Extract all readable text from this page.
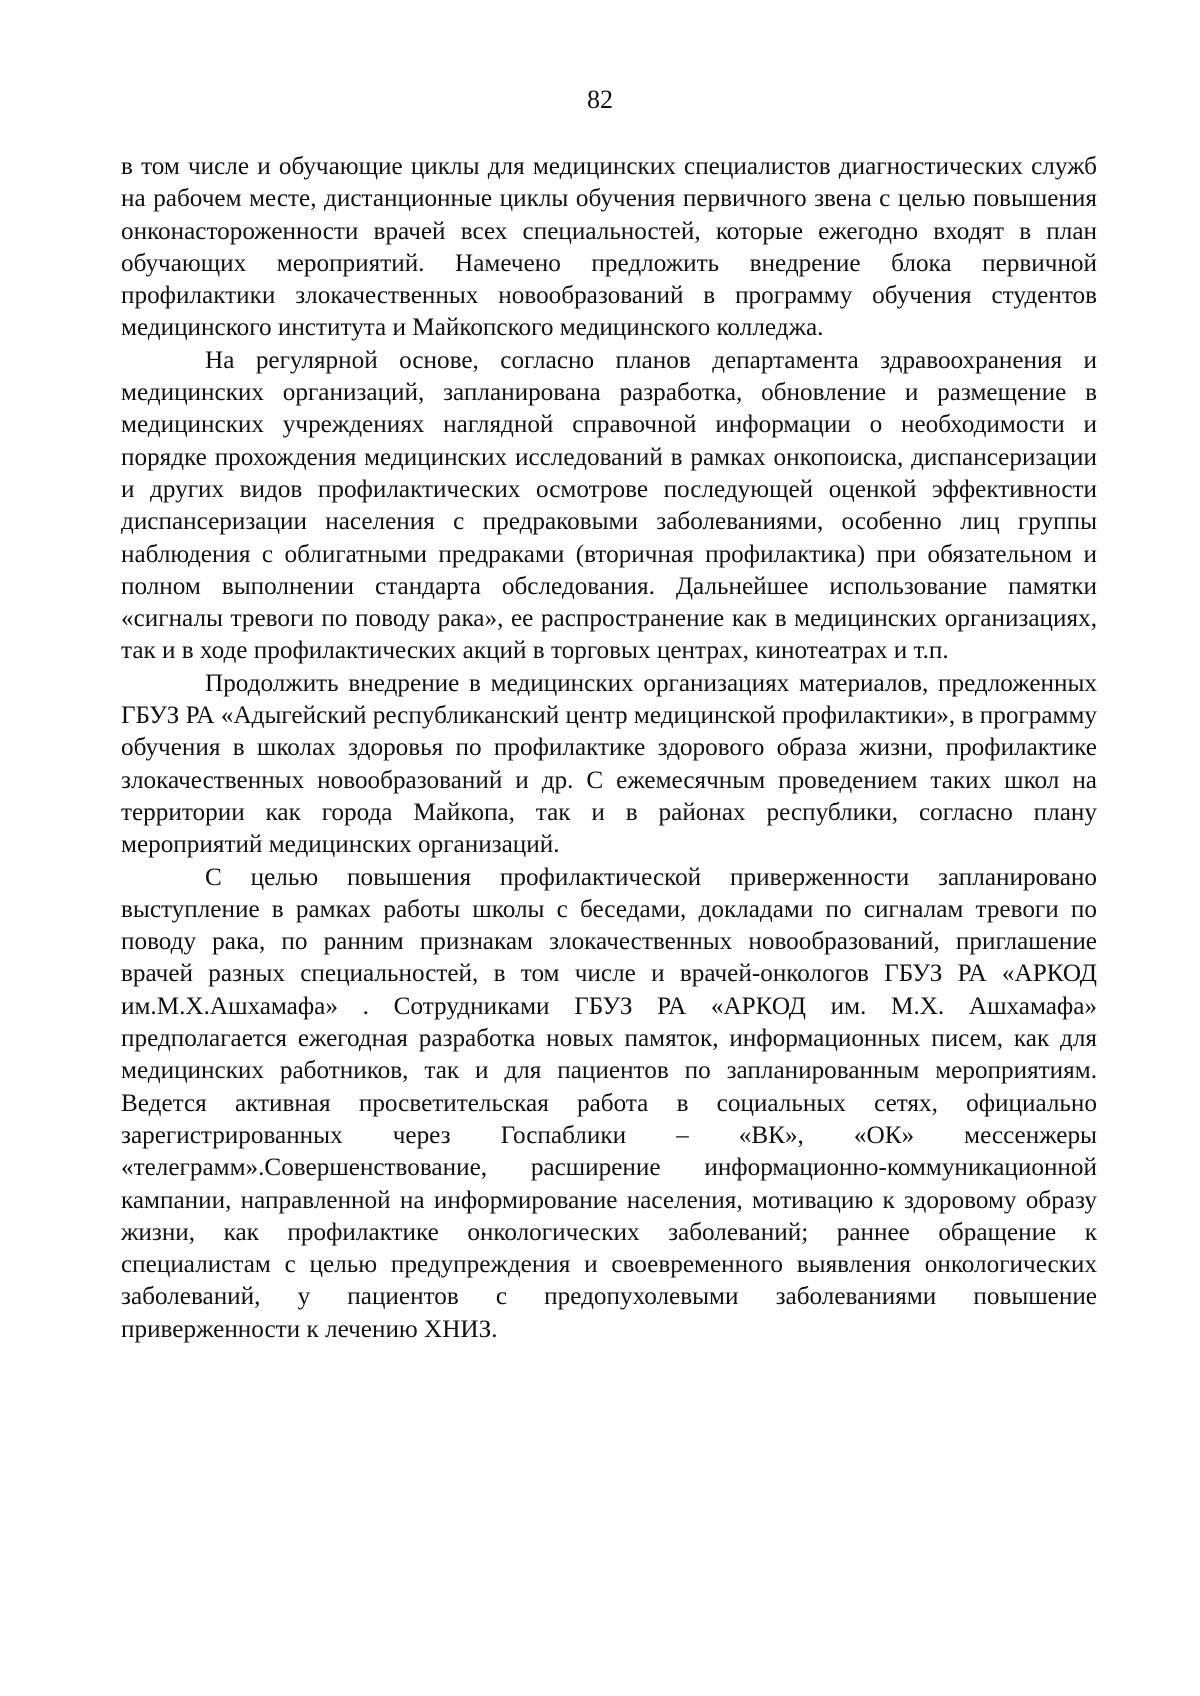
82

в том числе и обучающие циклы для медицинских специалистов диагностических служб на рабочем месте, дистанционные циклы обучения первичного звена с целью повышения онконастороженности врачей всех специальностей, которые ежегодно входят в план обучающих мероприятий. Намечено предложить внедрение блока первичной профилактики злокачественных новообразований в программу обучения студентов медицинского института и Майкопского медицинского колледжа.

На регулярной основе, согласно планов департамента здравоохранения и медицинских организаций, запланирована разработка, обновление и размещение в медицинских учреждениях наглядной справочной информации о необходимости и порядке прохождения медицинских исследований в рамках онкопоиска, диспансеризации и других видов профилактических осмотрове последующей оценкой эффективности диспансеризации населения с предраковыми заболеваниями, особенно лиц группы наблюдения с облигатными предраками (вторичная профилактика) при обязательном и полном выполнении стандарта обследования. Дальнейшее использование памятки «сигналы тревоги по поводу рака», ее распространение как в медицинских организациях, так и в ходе профилактических акций в торговых центрах, кинотеатрах и т.п.

Продолжить внедрение в медицинских организациях материалов, предложенных ГБУЗ РА «Адыгейский республиканский центр медицинской профилактики», в программу обучения в школах здоровья по профилактике здорового образа жизни, профилактике злокачественных новообразований и др. С ежемесячным проведением таких школ на территории как города Майкопа, так и в районах республики, согласно плану мероприятий медицинских организаций.

С целью повышения профилактической приверженности запланировано выступление в рамках работы школы с беседами, докладами по сигналам тревоги по поводу рака, по ранним признакам злокачественных новообразований, приглашение врачей разных специальностей, в том числе и врачей-онкологов ГБУЗ РА «АРКОД им.М.Х.Ашхамафа» . Сотрудниками ГБУЗ РА «АРКОД им. М.Х. Ашхамафа» предполагается ежегодная разработка новых памяток, информационных писем, как для медицинских работников, так и для пациентов по запланированным мероприятиям. Ведется активная просветительская работа в социальных сетях, официально зарегистрированных через Госпаблики – «ВК», «ОК» мессенжеры «телеграмм».Совершенствование, расширение информационно-коммуникационной кампании, направленной на информирование населения, мотивацию к здоровому образу жизни, как профилактике онкологических заболеваний; раннее обращение к специалистам с целью предупреждения и своевременного выявления онкологических заболеваний, у пациентов с предопухолевыми заболеваниями повышение приверженности к лечению ХНИЗ.
